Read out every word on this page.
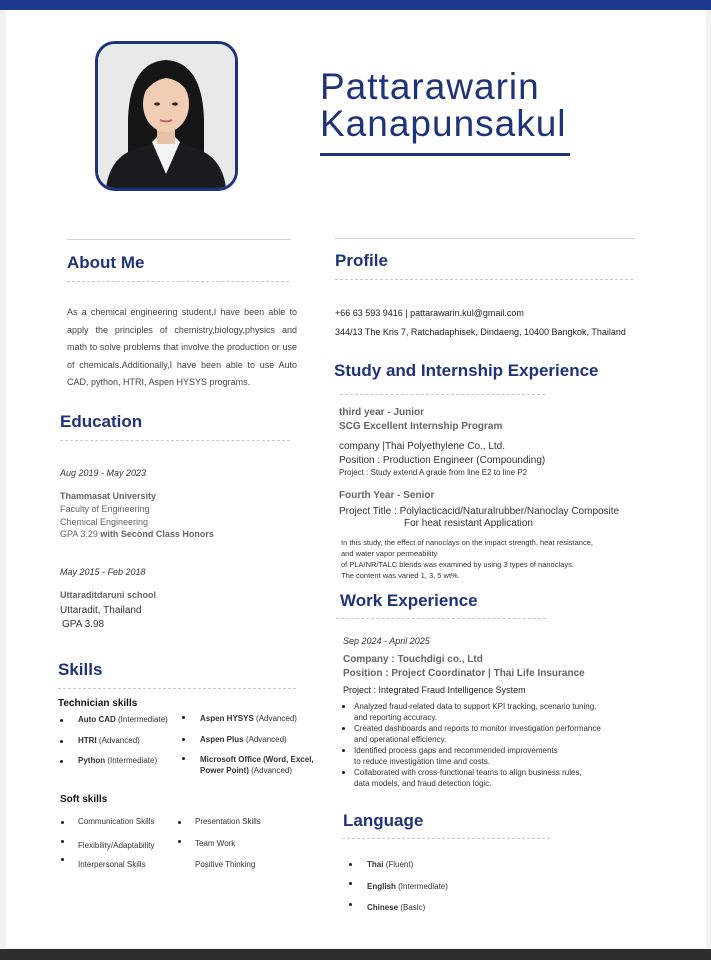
Pattarawarin
Kanapunsakul
About Me
As a chemical engineering student,I have been able to apply the principles of chemistry,biology,physics and math to solve problems that involve the production or use of chemicals.Additionally,I have been able to use Auto CAD, python, HTRI, Aspen HYSYS programs.
Education
Aug 2019 - May 2023
Thammasat University
Faculty of Engineering
Chemical Engineering
GPA 3.29 with Second Class Honors
May 2015 - Feb 2018
Uttaraditdaruni school
Uttaradit, Thailand
GPA 3.98
Skills
Technician skills
Auto CAD (Intermediate)
HTRI (Advanced)
Python (Intermediate)
Aspen HYSYS (Advanced)
Aspen Plus (Advanced)
Microsoft Office (Word, Excel,
Power Point) (Advanced)
Soft skills
Communication Skills
Flexibility/Adaptability
Interpersonal Skills
Presentation Skills
Team Work
Positive Thinking
Profile
+66 63 593 9416 | pattarawarin.kul@gmail.com
344/13 The Kris 7, Ratchadaphisek, Dindaeng, 10400 Bangkok, Thailand
Study and Internship Experience
third year - Junior
SCG Excellent Internship Program
company |Thai Polyethylene Co., Ltd.
Position : Production Engineer (Compounding)
Project : Study extend A grade from line E2 to line P2
Fourth Year - Senior
Project Title : Polylacticacid/Naturalrubber/Nanoclay Composite
For heat resistant Application
In this study, the effect of nanoclays on the impact strength, heat resistance,
and water vapor permeability
of PLA/NR/TALC blends was examined by using 3 types of nanoclays.
The content was varied 1, 3, 5 wt%.
Work Experience
Sep 2024 - April 2025
Company : Touchdigi co., Ltd
Position : Project Coordinator | Thai Life Insurance
Project : Integrated Fraud Intelligence System
Analyzed fraud-related data to support KPI tracking, scenario tuning,
and reporting accuracy.
Created dashboards and reports to monitor investigation performance
and operational efficiency.
Identified process gaps and recommended improvements
to reduce investigation time and costs.
Collaborated with cross-functional teams to align business rules,
data models, and fraud detection logic.
Language
Thai (Fluent)
English (Intermediate)
Chinese (Basic)
